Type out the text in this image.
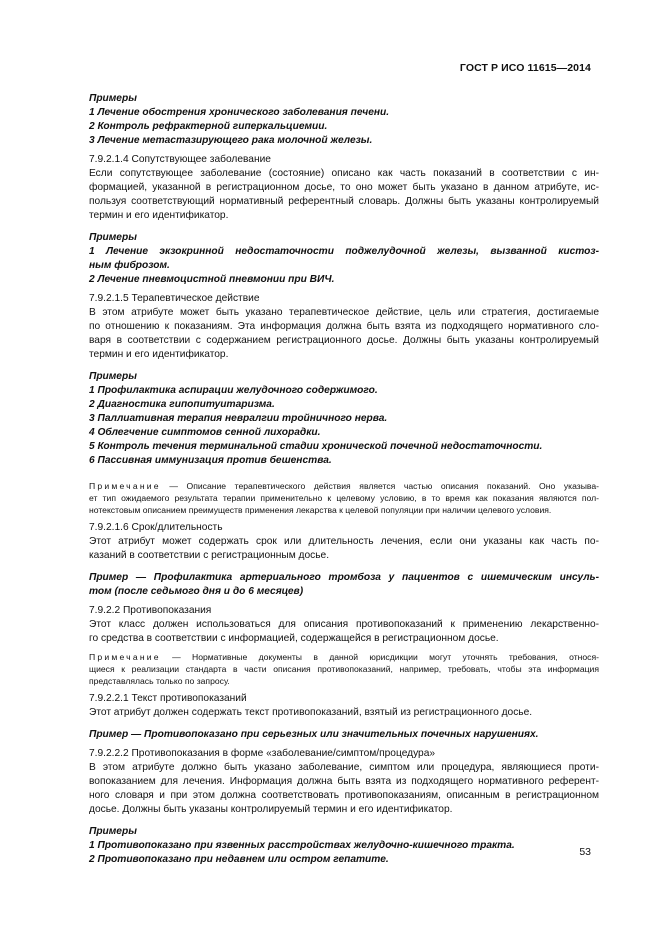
ГОСТ Р ИСО 11615—2014
Примеры
1 Лечение обострения хронического заболевания печени.
2 Контроль рефрактерной гиперкальциемии.
3 Лечение метастазирующего рака молочной железы.
7.9.2.1.4 Сопутствующее заболевание
Если сопутствующее заболевание (состояние) описано как часть показаний в соответствии с ин-
формацией, указанной в регистрационном досье, то оно может быть указано в данном атрибуте, ис-
пользуя соответствующий нормативный референтный словарь. Должны быть указаны контролируемый
термин и его идентификатор.
Примеры
1 Лечение экзокринной недостаточности поджелудочной железы, вызванной кистоз-
ным фиброзом.
2 Лечение пневмоцистной пневмонии при ВИЧ.
7.9.2.1.5 Терапевтическое действие
В этом атрибуте может быть указано терапевтическое действие, цель или стратегия, достигаемые
по отношению к показаниям. Эта информация должна быть взята из подходящего нормативного сло-
варя в соответствии с содержанием регистрационного досье. Должны быть указаны контролируемый
термин и его идентификатор.
Примеры
1 Профилактика аспирации желудочного содержимого.
2 Диагностика гипопитуитаризма.
3 Паллиативная терапия невралгии тройничного нерва.
4 Облегчение симптомов сенной лихорадки.
5 Контроль течения терминальной стадии хронической почечной недостаточности.
6 Пассивная иммунизация против бешенства.
Примечание — Описание терапевтического действия является частью описания показаний. Оно указыва-
ет тип ожидаемого результата терапии применительно к целевому условию, в то время как показания являются пол-
нотекстовым описанием преимуществ применения лекарства к целевой популяции при наличии целевого условия.
7.9.2.1.6 Срок/длительность
Этот атрибут может содержать срок или длительность лечения, если они указаны как часть по-
казаний в соответствии с регистрационным досье.
Пример — Профилактика артериального тромбоза у пациентов с ишемическим инсуль-
том (после седьмого дня и до 6 месяцев)
7.9.2.2 Противопоказания
Этот класс должен использоваться для описания противопоказаний к применению лекарственно-
го средства в соответствии с информацией, содержащейся в регистрационном досье.
Примечание — Нормативные документы в данной юрисдикции могут уточнять требования, относя-
щиеся к реализации стандарта в части описания противопоказаний, например, требовать, чтобы эта информация
представлялась только по запросу.
7.9.2.2.1 Текст противопоказаний
Этот атрибут должен содержать текст противопоказаний, взятый из регистрационного досье.
Пример — Противопоказано при серьезных или значительных почечных нарушениях.
7.9.2.2.2 Противопоказания в форме «заболевание/симптом/процедура»
В этом атрибуте должно быть указано заболевание, симптом или процедура, являющиеся проти-
вопоказанием для лечения. Информация должна быть взята из подходящего нормативного референт-
ного словаря и при этом должна соответствовать противопоказаниям, описанным в регистрационном
досье. Должны быть указаны контролируемый термин и его идентификатор.
Примеры
1 Противопоказано при язвенных расстройствах желудочно-кишечного тракта.
2 Противопоказано при недавнем или остром гепатите.
53
